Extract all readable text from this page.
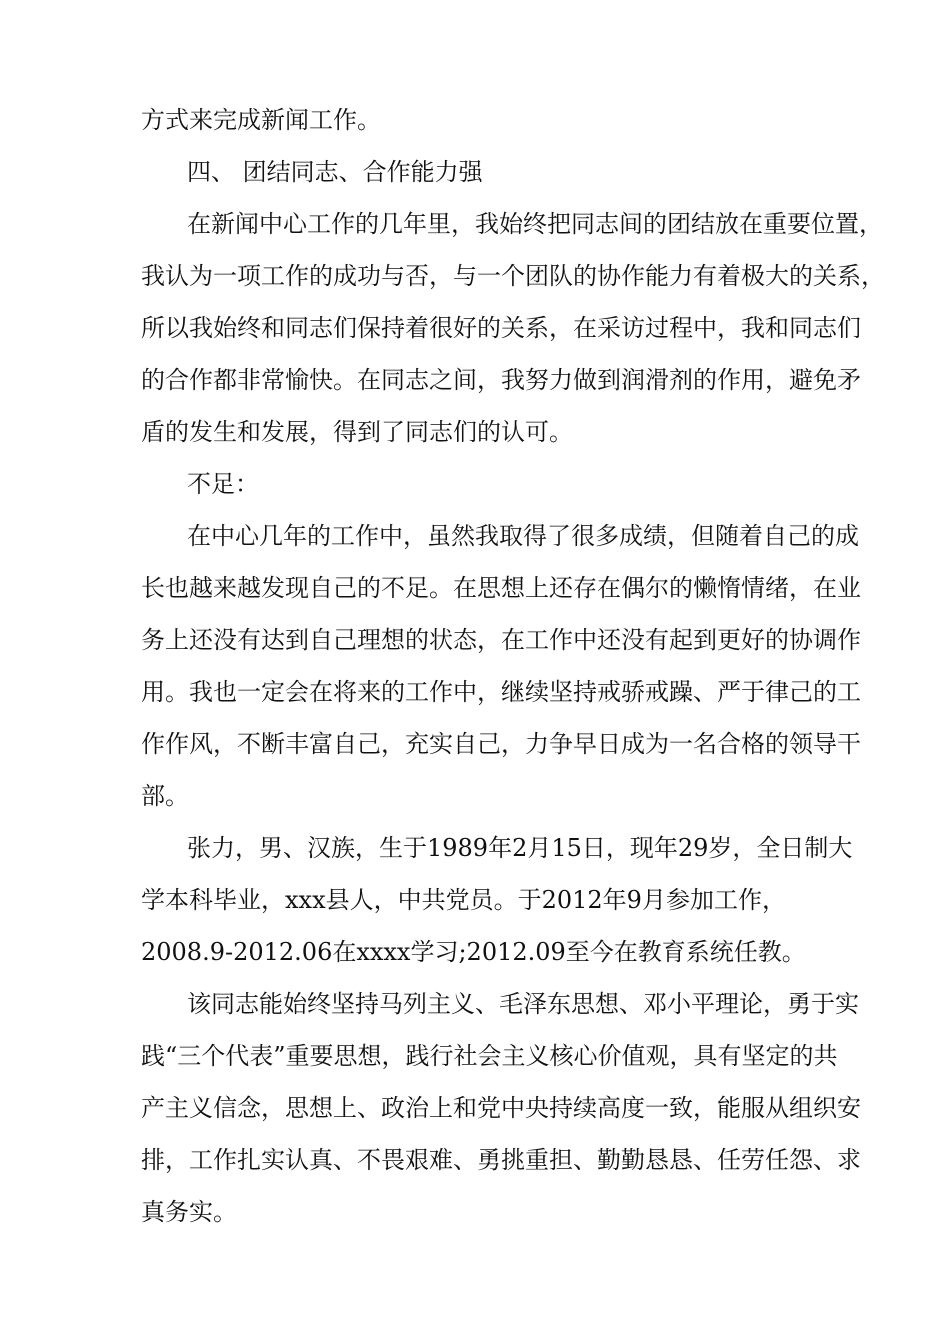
方式来完成新闻工作。
四、 团结同志、合作能力强
在新闻中心工作的几年里，我始终把同志间的团结放在重要位置，
我认为一项工作的成功与否，与一个团队的协作能力有着极大的关系，
所以我始终和同志们保持着很好的关系，在采访过程中，我和同志们
的合作都非常愉快。在同志之间，我努力做到润滑剂的作用，避免矛
盾的发生和发展，得到了同志们的认可。
不足：
在中心几年的工作中，虽然我取得了很多成绩，但随着自己的成
长也越来越发现自己的不足。在思想上还存在偶尔的懒惰情绪，在业
务上还没有达到自己理想的状态，在工作中还没有起到更好的协调作
用。我也一定会在将来的工作中，继续坚持戒骄戒躁、严于律己的工
作作风，不断丰富自己，充实自己，力争早日成为一名合格的领导干
部。
张力，男、汉族，生于1989年2月15日，现年29岁，全日制大
学本科毕业，xxx县人，中共党员。于2012年9月参加工作，
2008.9-2012.06在xxxx学习;2012.09至今在教育系统任教。
该同志能始终坚持马列主义、毛泽东思想、邓小平理论，勇于实
践“三个代表”重要思想，践行社会主义核心价值观，具有坚定的共
产主义信念，思想上、政治上和党中央持续高度一致，能服从组织安
排，工作扎实认真、不畏艰难、勇挑重担、勤勤恳恳、任劳任怨、求
真务实。
